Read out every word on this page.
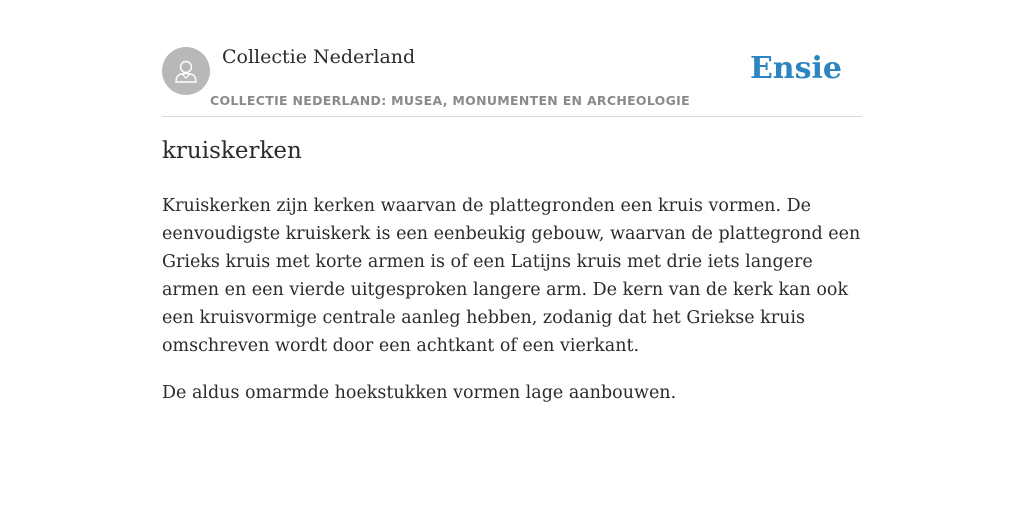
Collectie Nederland
COLLECTIE NEDERLAND: MUSEA, MONUMENTEN EN ARCHEOLOGIE
Ensie
kruiskerken

Kruiskerken zijn kerken waarvan de plattegronden een kruis vormen. De eenvoudigste kruiskerk is een eenbeukig gebouw, waarvan de plattegrond een Grieks kruis met korte armen is of een Latijns kruis met drie iets langere armen en een vierde uitgesproken langere arm. De kern van de kerk kan ook een kruisvormige centrale aanleg hebben, zodanig dat het Griekse kruis omschreven wordt door een achtkant of een vierkant.

De aldus omarmde hoekstukken vormen lage aanbouwen.
